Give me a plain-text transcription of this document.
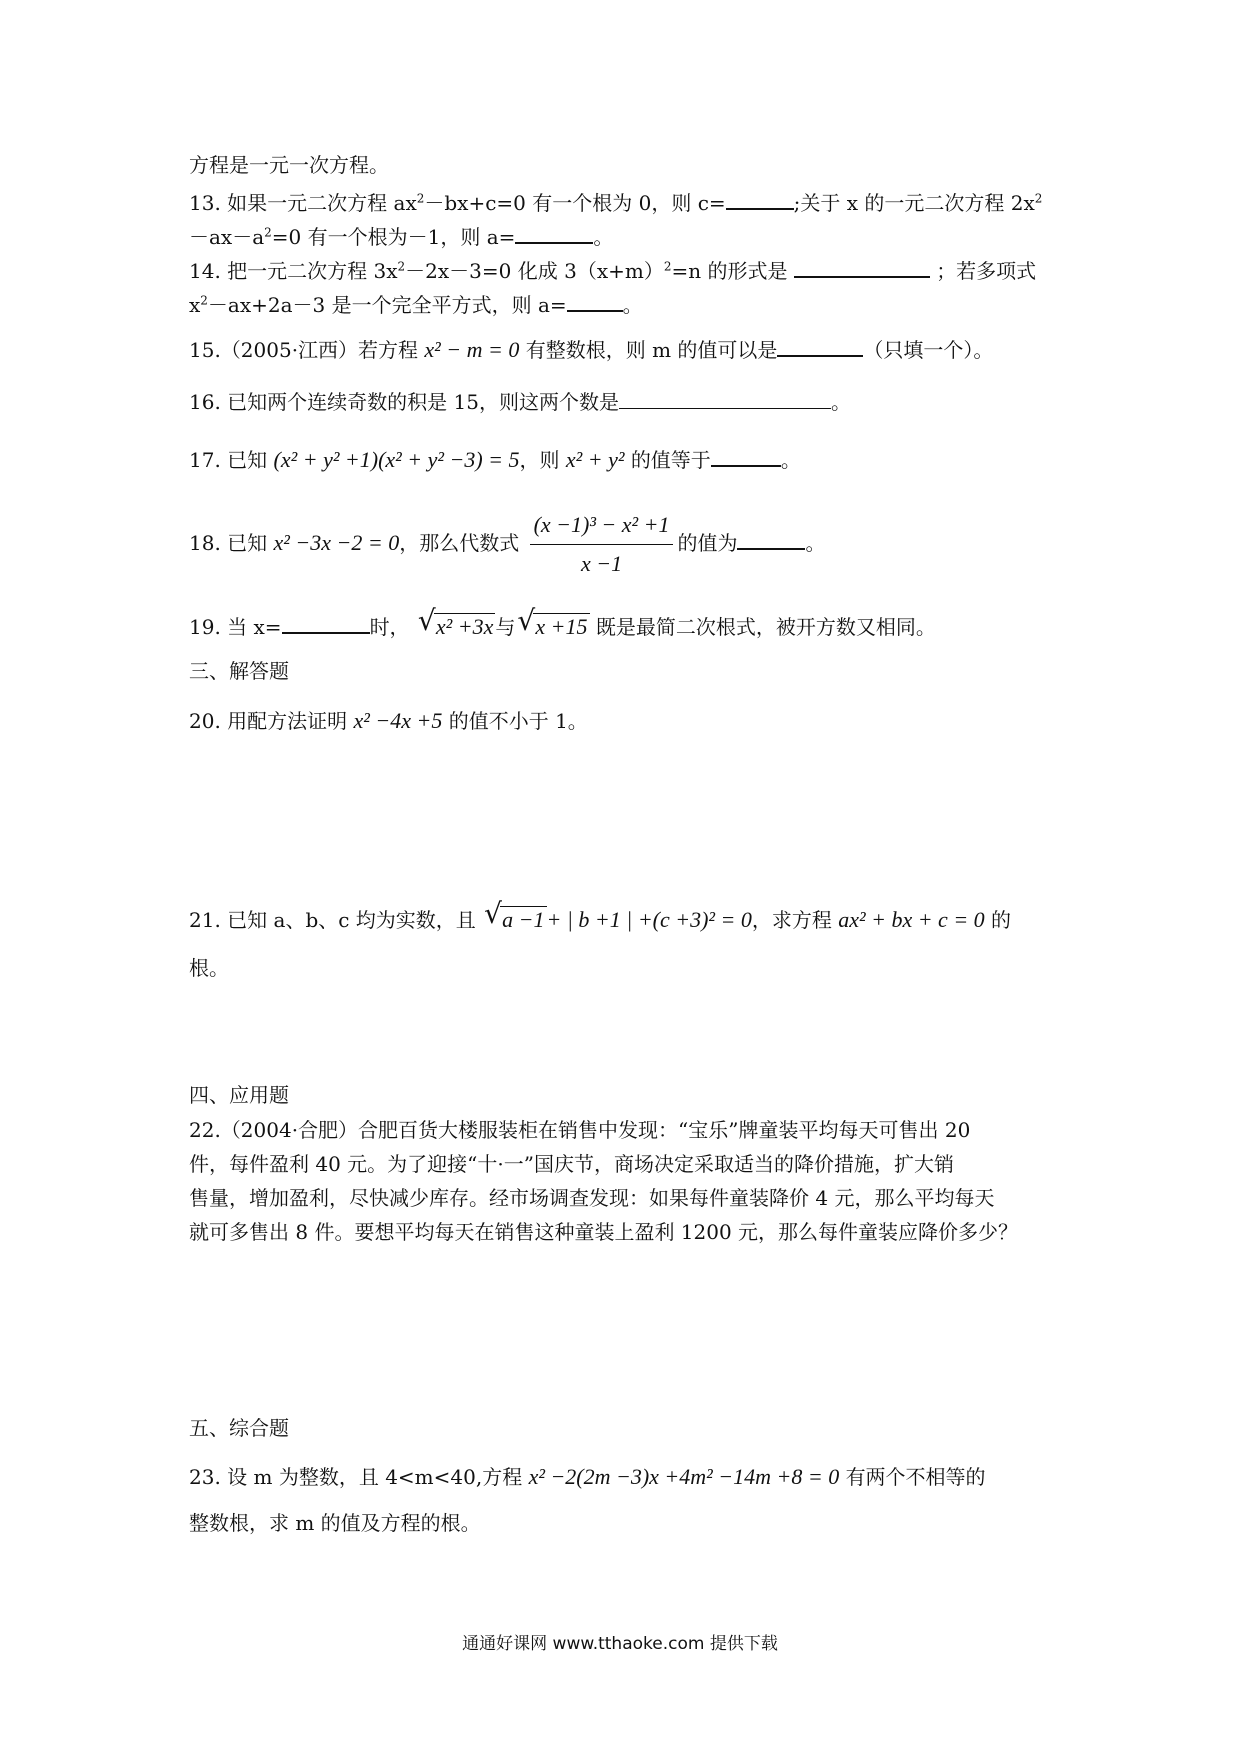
方程是一元一次方程。
13. 如果一元二次方程 $ax^2-bx+c=0$ 有一个根为 0，则 c=	;关于 x 的一元二次方程 $2x^2$
$-ax-a^2=0$ 有一个根为－1，则 a=	。
14. 把一元二次方程 $3x^2-2x-3=0$ 化成 $3(x+m)^2=n$ 的形式是	；若多项式
$x^2-ax+2a-3$ 是一个完全平方式，则 a=	。
15.（2005·江西）若方程 x² − m = 0 有整数根，则 m 的值可以是	（只填一个）。
16. 已知两个连续奇数的积是 15，则这两个数是	。
17. 已知 (x² + y² +1)(x² + y² −3) = 5，则 x² + y² 的值等于	。
18. 已知 x² −3x −2 = 0，那么代数式 $\frac{\text{(x −1)³ − x² +1}}{x -1}$ 的值为	。
19. 当 x=	时， √ x² +3x 与 √ x +15 既是最简二次根式，被开方数又相同。
三、解答题
20. 用配方法证明 x² −4x +5 的值不小于 1。
21. 已知 a、b、c 均为实数，且 √ a −1+ | b +1 | +(c +3)² = 0，求方程 ax² + bx + c = 0 的
根。
四、应用题
22.（2004·合肥）合肥百货大楼服装柜在销售中发现：“宝乐”牌童装平均每天可售出 20
件，每件盈利 40 元。为了迎接“十·一”国庆节，商场决定采取适当的降价措施，扩大销
售量，增加盈利，尽快减少库存。经市场调查发现：如果每件童装降价 4 元，那么平均每天
就可多售出 8 件。要想平均每天在销售这种童装上盈利 1200 元，那么每件童装应降价多少？
五、综合题
23. 设 m 为整数，且 4<m<40,方程 x² −2(2m −3)x +4m² −14m +8 = 0 有两个不相等的
整数根，求 m 的值及方程的根。
通通好课网 www.tthaoke.com 提供下载
